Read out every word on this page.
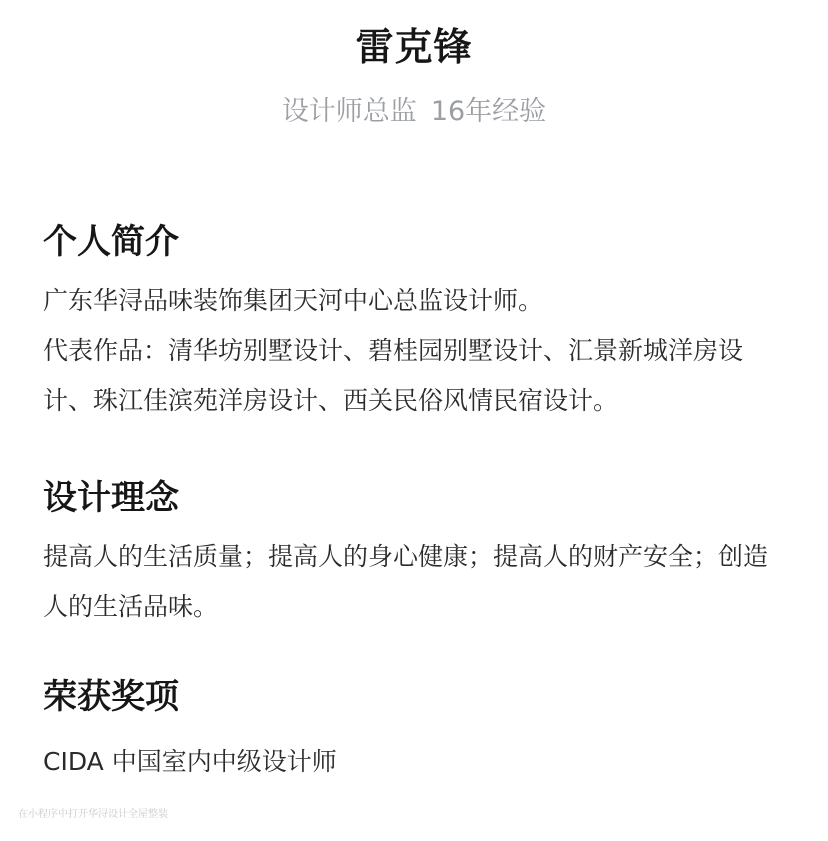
雷克锋
设计师总监 16年经验
个人简介

广东华浔品味装饰集团天河中心总监设计师。

代表作品：清华坊别墅设计、碧桂园别墅设计、汇景新城洋房设计、珠江佳滨苑洋房设计、西关民俗风情民宿设计。

设计理念

提高人的生活质量；提高人的身心健康；提高人的财产安全；创造人的生活品味。

荣获奖项

CIDA 中国室内中级设计师

在小程序中打开华浔设计全屋整装
